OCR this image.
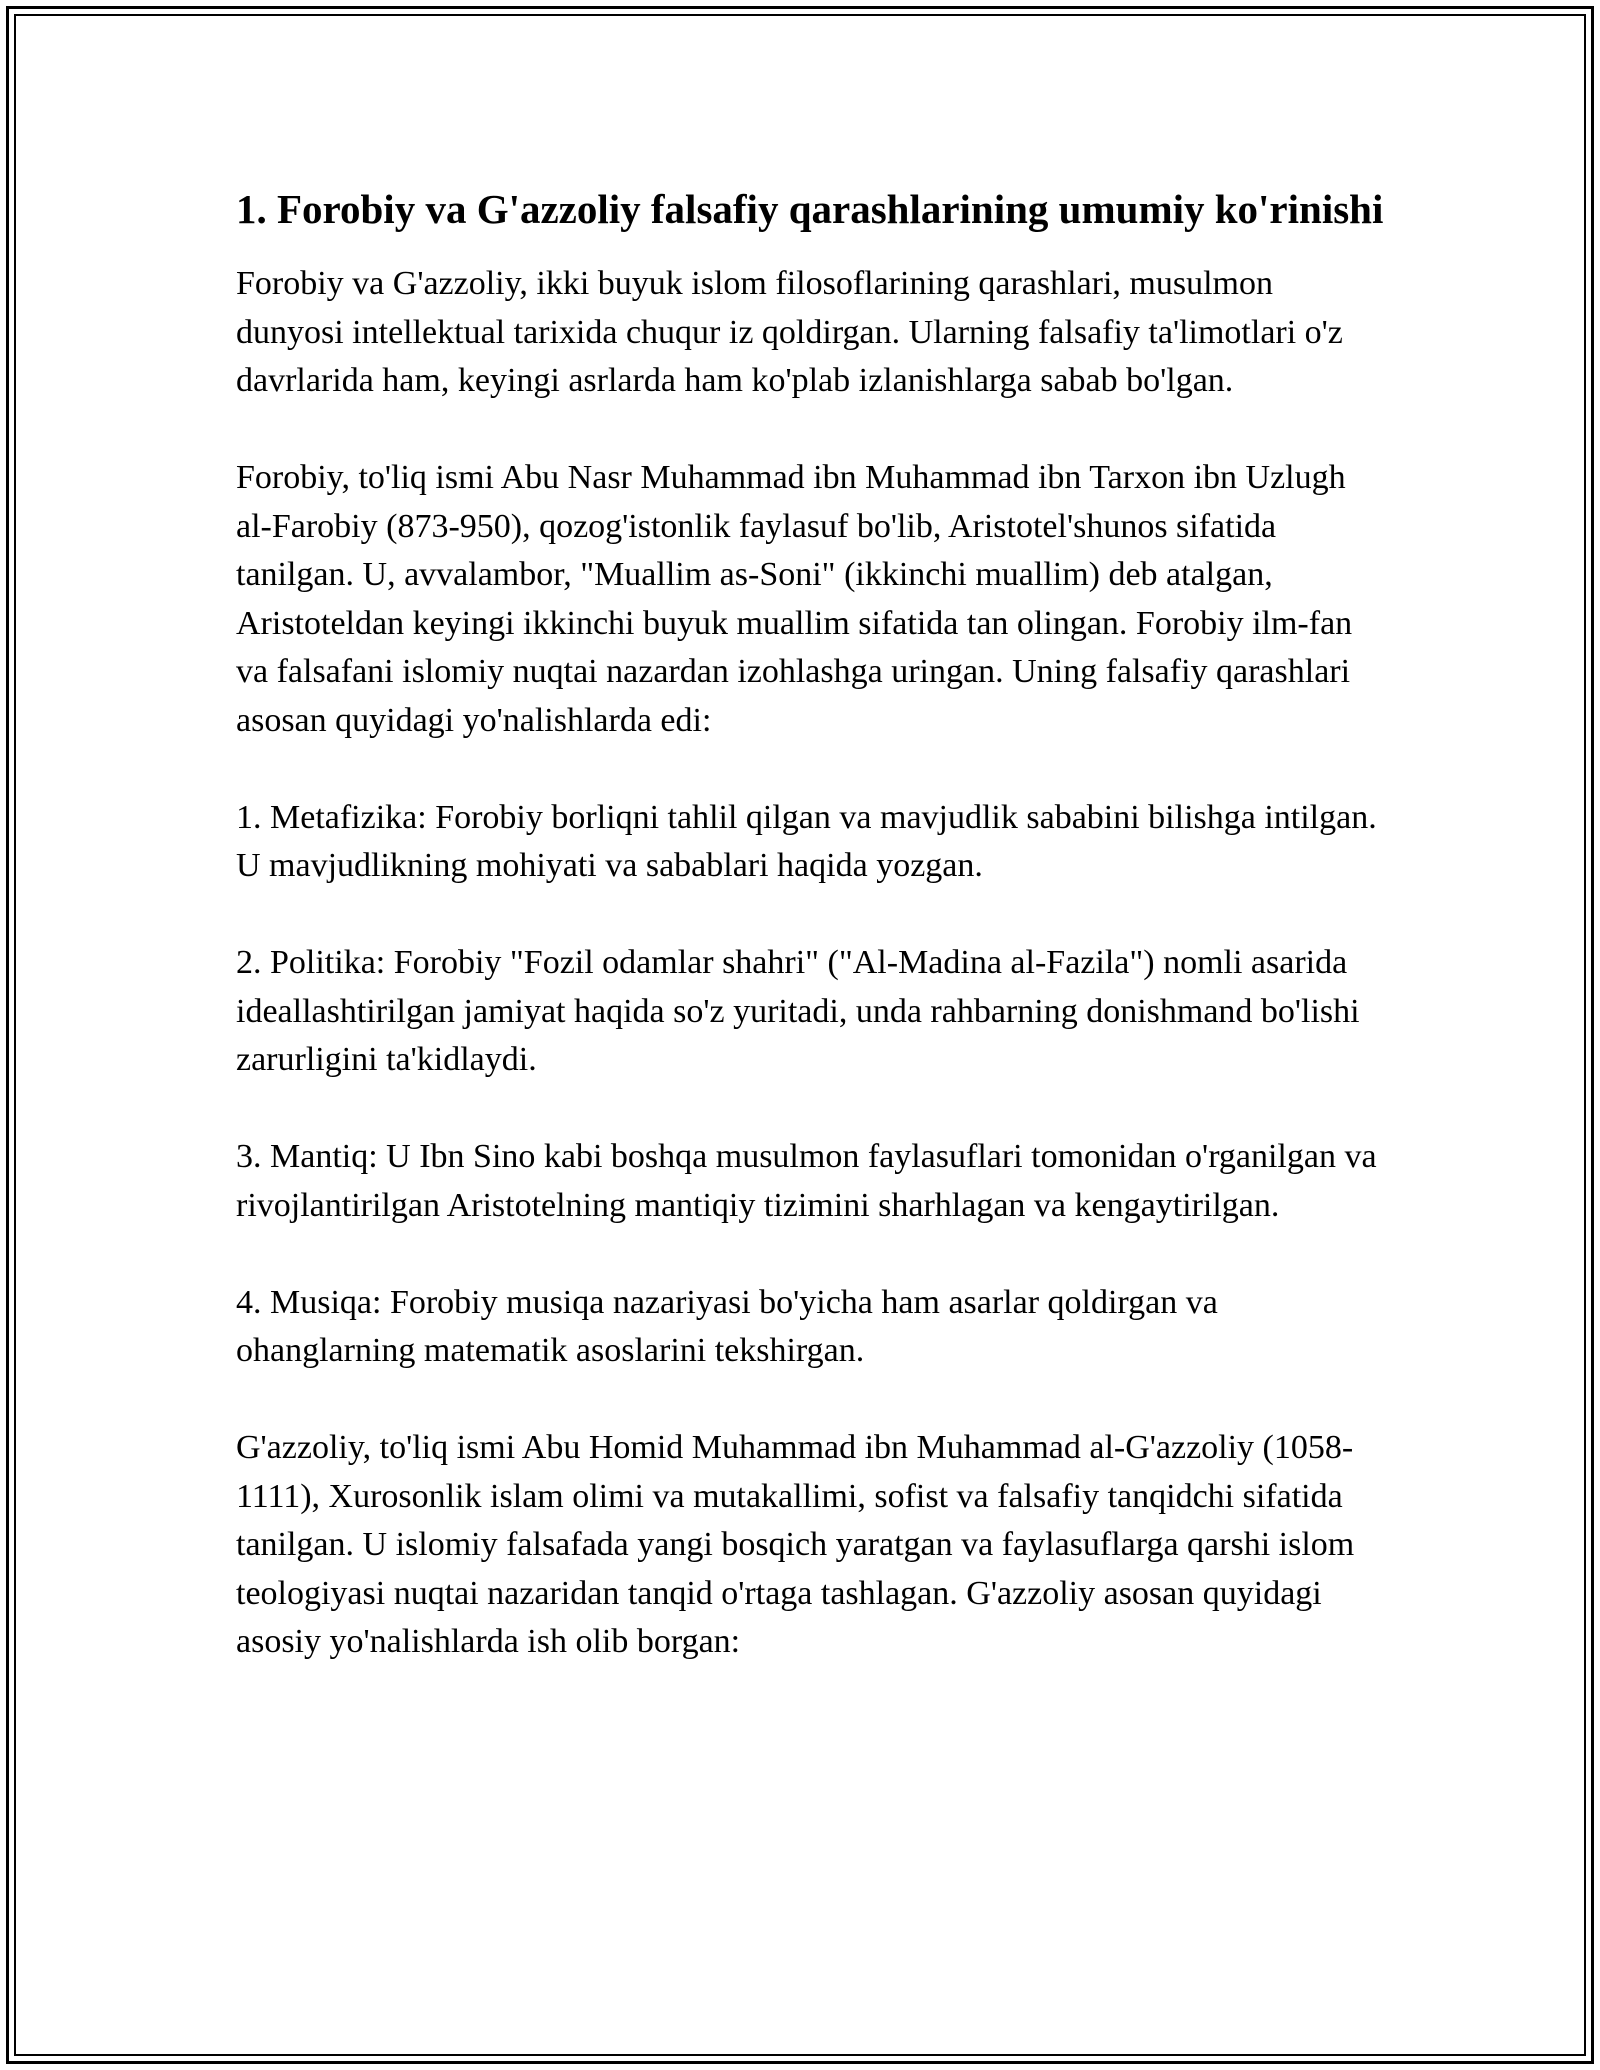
1. Forobiy va G'azzoliy falsafiy qarashlarining umumiy ko'rinishi

Forobiy va G'azzoliy, ikki buyuk islom filosoflarining qarashlari, musulmon dunyosi intellektual tarixida chuqur iz qoldirgan. Ularning falsafiy ta'limotlari o'z davrlarida ham, keyingi asrlarda ham ko'plab izlanishlarga sabab bo'lgan.

Forobiy, to'liq ismi Abu Nasr Muhammad ibn Muhammad ibn Tarxon ibn Uzlugh al-Farobiy (873-950), qozog'istonlik faylasuf bo'lib, Aristotel'shunos sifatida tanilgan. U, avvalambor, "Muallim as-Soni" (ikkinchi muallim) deb atalgan, Aristoteldan keyingi ikkinchi buyuk muallim sifatida tan olingan. Forobiy ilm-fan va falsafani islomiy nuqtai nazardan izohlashga uringan. Uning falsafiy qarashlari asosan quyidagi yo'nalishlarda edi:

1. Metafizika: Forobiy borliqni tahlil qilgan va mavjudlik sababini bilishga intilgan. U mavjudlikning mohiyati va sabablari haqida yozgan.

2. Politika: Forobiy "Fozil odamlar shahri" ("Al-Madina al-Fazila") nomli asarida ideallashtirilgan jamiyat haqida so'z yuritadi, unda rahbarning donishmand bo'lishi zarurligini ta'kidlaydi.

3. Mantiq: U Ibn Sino kabi boshqa musulmon faylasuflari tomonidan o'rganilgan va rivojlantirilgan Aristotelning mantiqiy tizimini sharhlagan va kengaytirilgan.

4. Musiqa: Forobiy musiqa nazariyasi bo'yicha ham asarlar qoldirgan va ohanglarning matematik asoslarini tekshirgan.

G'azzoliy, to'liq ismi Abu Homid Muhammad ibn Muhammad al-G'azzoliy (1058-1111), Xurosonlik islam olimi va mutakallimi, sofist va falsafiy tanqidchi sifatida tanilgan. U islomiy falsafada yangi bosqich yaratgan va faylasuflarga qarshi islom teologiyasi nuqtai nazaridan tanqid o'rtaga tashlagan. G'azzoliy asosan quyidagi asosiy yo'nalishlarda ish olib borgan:
